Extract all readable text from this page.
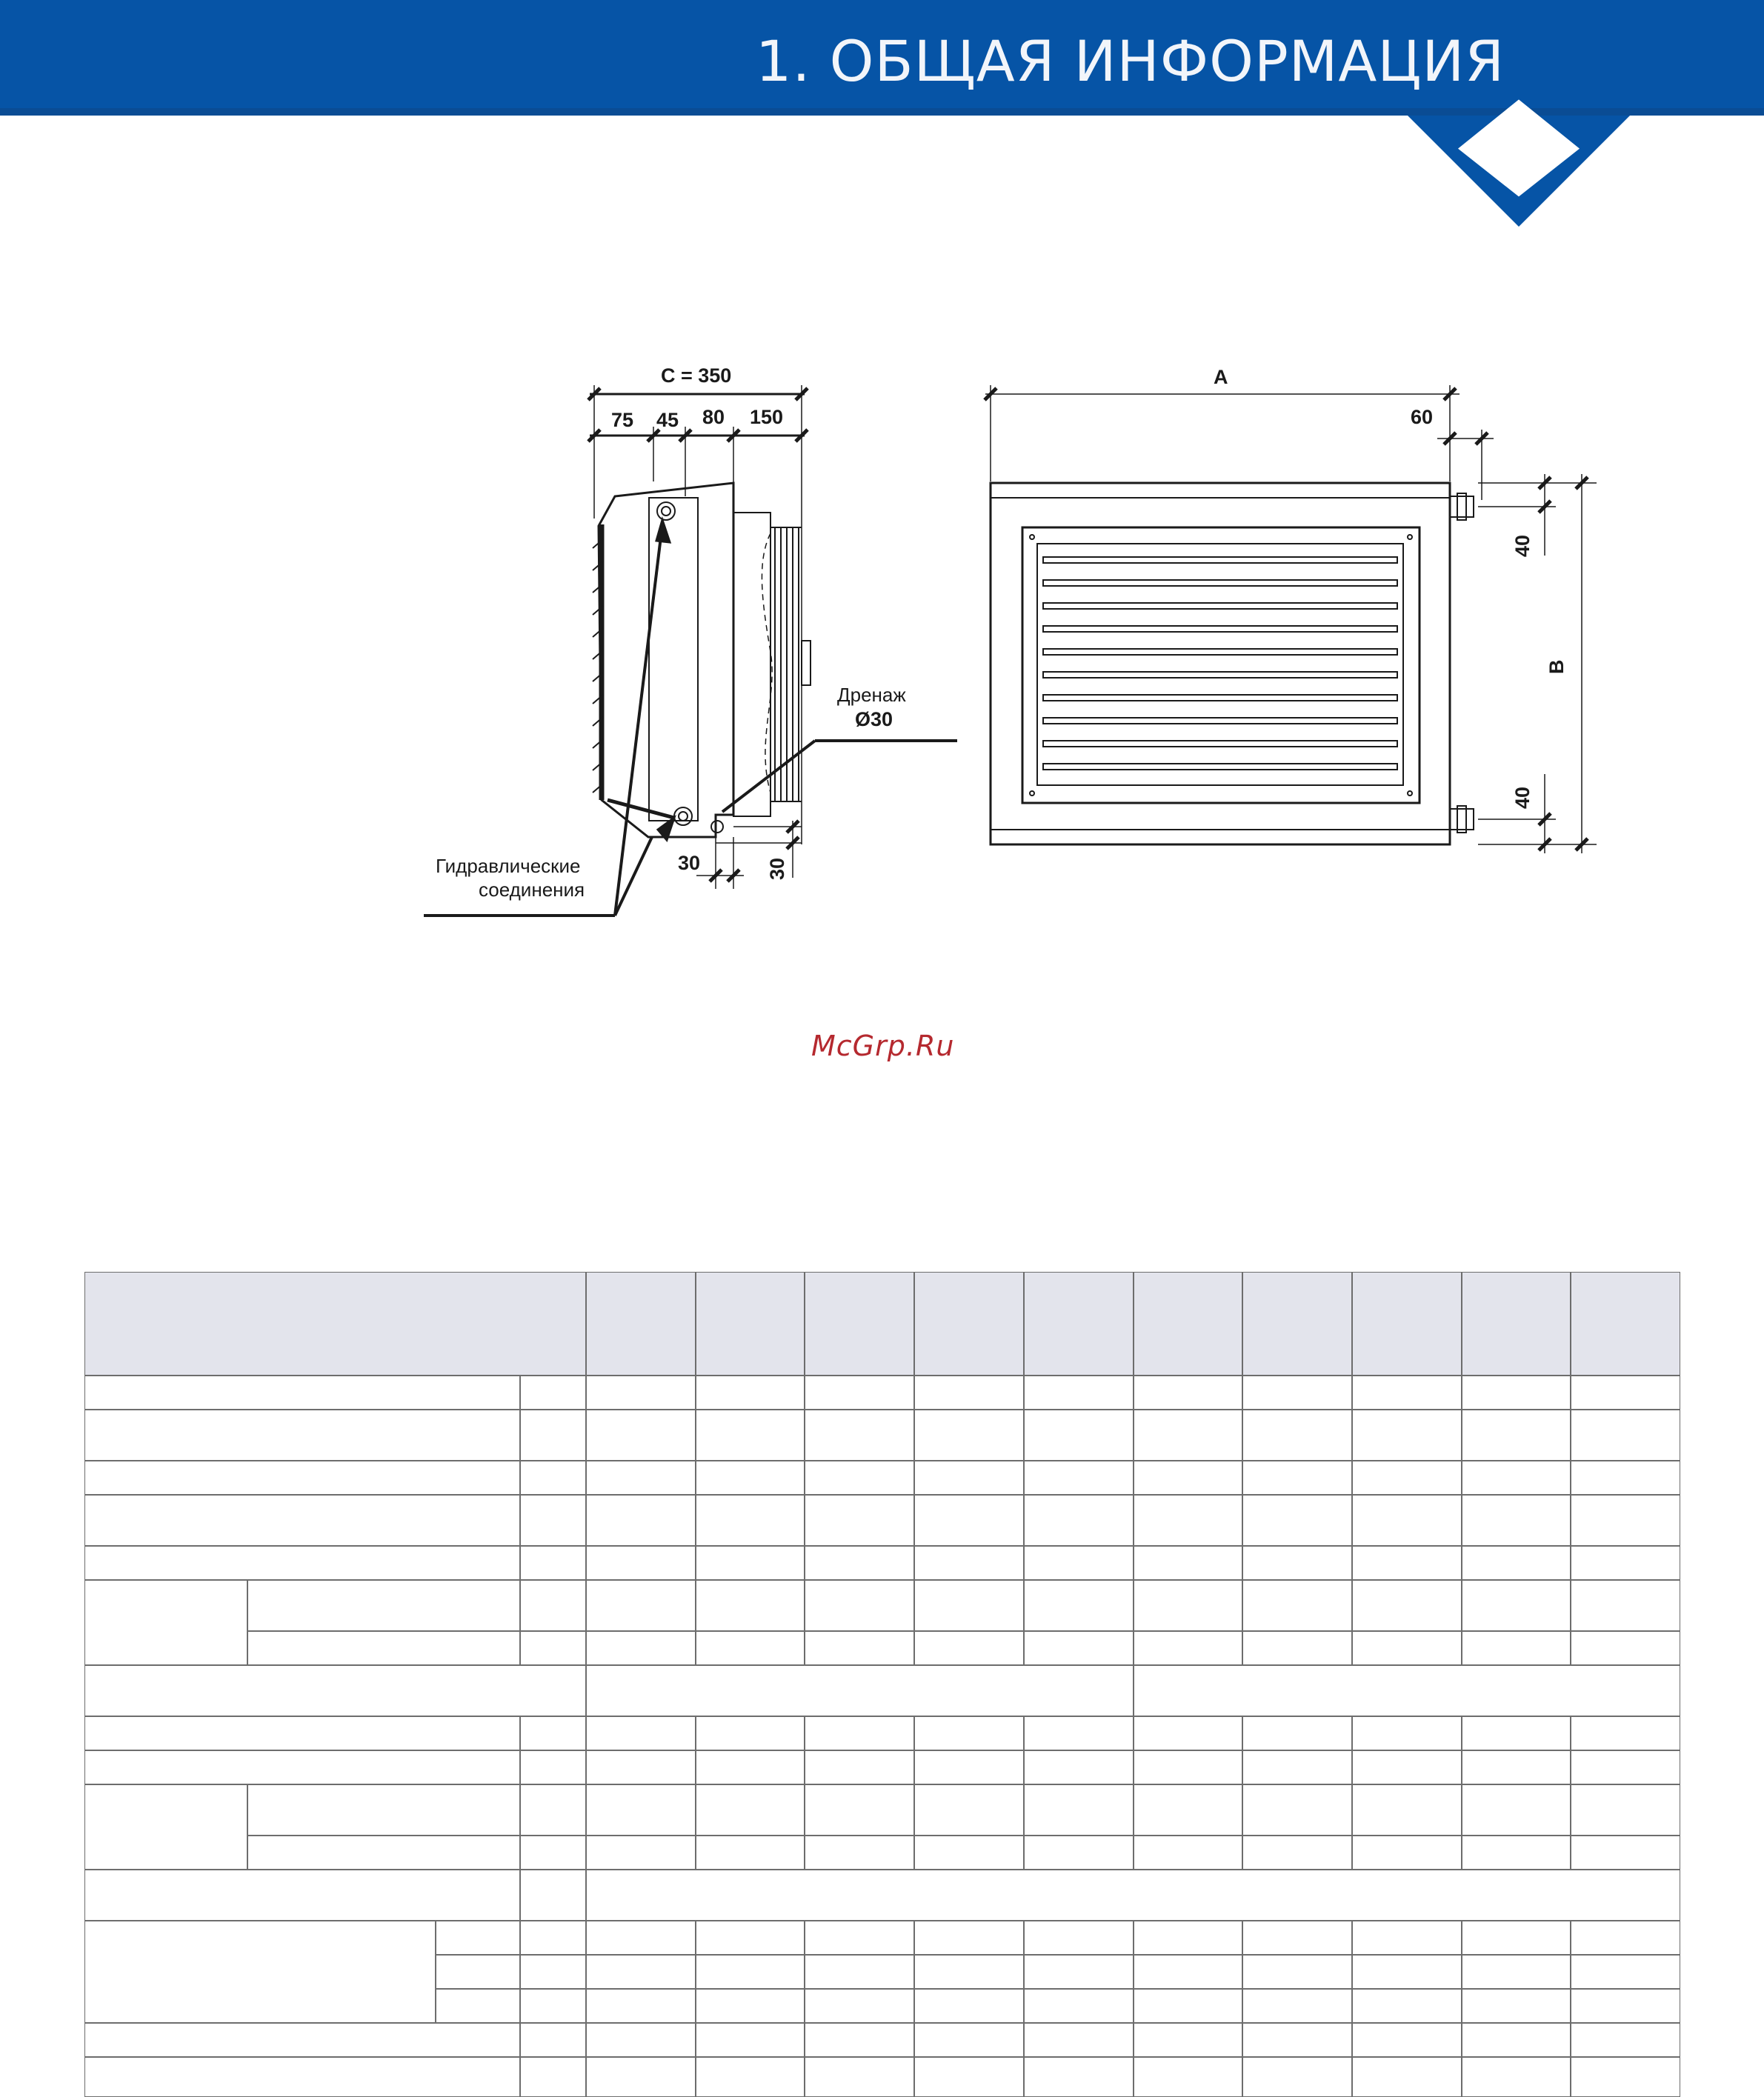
1. ОБЩАЯ ИНФОРМАЦИЯ
C = 350
75 45 80 150
A
60
40
B
40
30	30
Ø30
Дренаж
Гидравлические
соединения
McGrp.Ru
